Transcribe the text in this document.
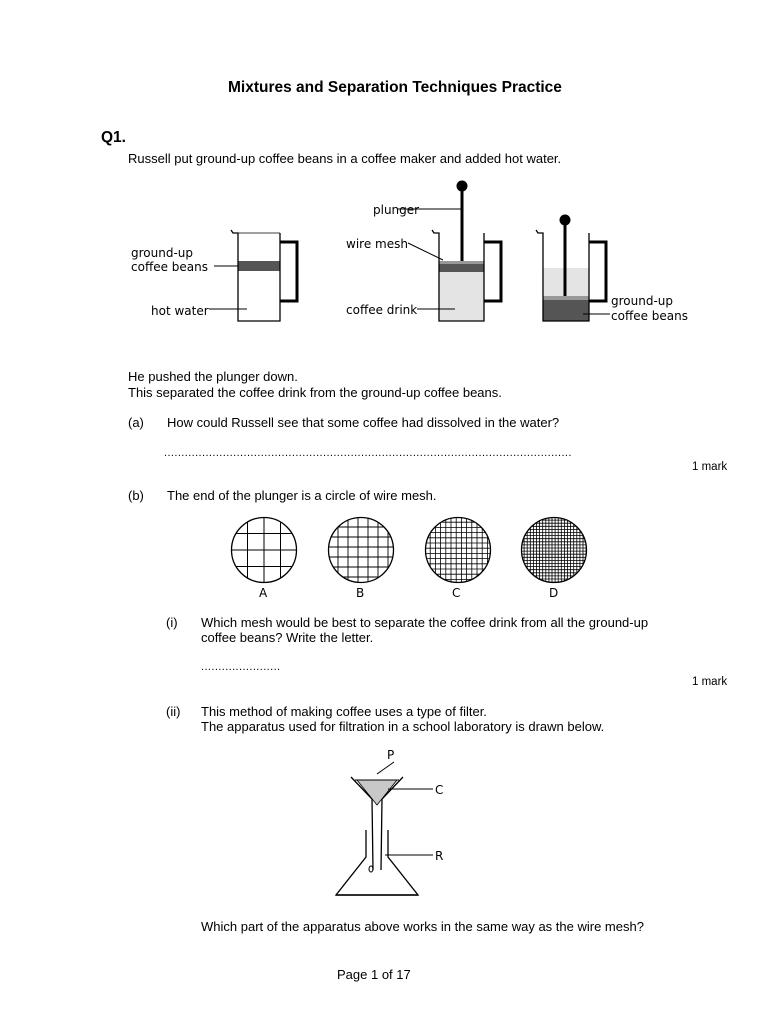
Mixtures and Separation Techniques Practice
Q1.
Russell put ground-up coffee beans in a coffee maker and added hot water.
ground-up
coffee beans
hot water
plunger
wire mesh
coffee drink
ground-up
coffee beans
He pushed the plunger down.
This separated the coffee drink from the ground-up coffee beans.
(a) How could Russell see that some coffee had dissolved in the water?
......................................................................................................................
1 mark
(b) The end of the plunger is a circle of wire mesh.
A	B	C	D
(i) Which mesh would be best to separate the coffee drink from all the ground-up
coffee beans? Write the letter.
.......................
1 mark
(ii) This method of making coffee uses a type of filter.
The apparatus used for filtration in a school laboratory is drawn below.
P
C
R
Which part of the apparatus above works in the same way as the wire mesh?
Page 1 of 17
